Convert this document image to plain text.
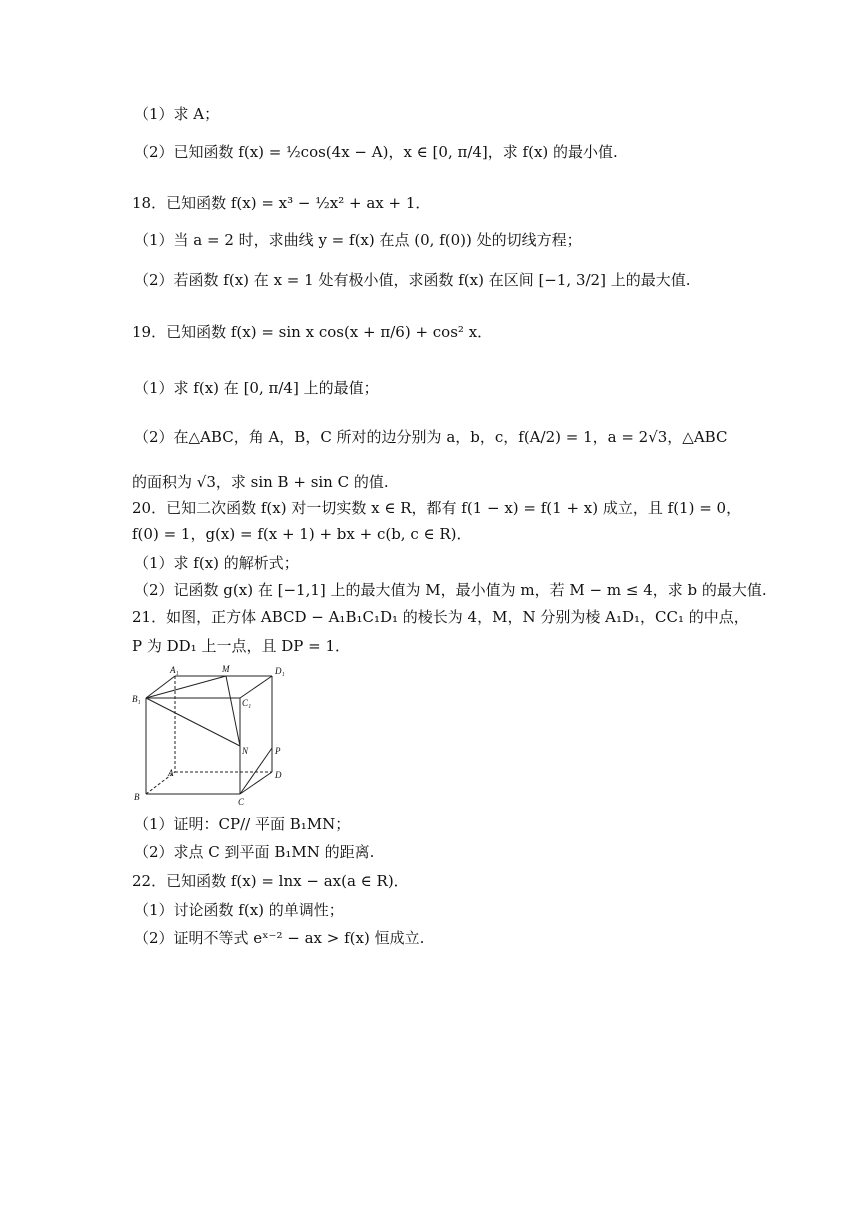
（1）求 A；
（2）已知函数 f(x) = ½cos(4x − A)，x ∈ [0, π/4]，求 f(x) 的最小值.
18．已知函数 f(x) = x³ − ½x² + ax + 1．
（1）当 a = 2 时，求曲线 y = f(x) 在点 (0, f(0)) 处的切线方程；
（2）若函数 f(x) 在 x = 1 处有极小值，求函数 f(x) 在区间 [−1, 3/2] 上的最大值.
19．已知函数 f(x) = sin x cos(x + π/6) + cos² x．
（1）求 f(x) 在 [0, π/4] 上的最值；
（2）在△ABC，角 A，B，C 所对的边分别为 a，b，c，f(A/2) = 1，a = 2√3，△ABC
的面积为 √3，求 sin B + sin C 的值.
20．已知二次函数 f(x) 对一切实数 x ∈ R，都有 f(1 − x) = f(1 + x) 成立，且 f(1) = 0，
f(0) = 1，g(x) = f(x + 1) + bx + c(b, c ∈ R)．
（1）求 f(x) 的解析式；
（2）记函数 g(x) 在 [−1,1] 上的最大值为 M，最小值为 m，若 M − m ≤ 4，求 b 的最大值.
21．如图，正方体 ABCD − A₁B₁C₁D₁ 的棱长为 4，M，N 分别为棱 A₁D₁，CC₁ 的中点，
P 为 DD₁ 上一点，且 DP = 1．
A₁	M	D₁
B₁	C₁
N	P
A	D
B	C
（1）证明：CP// 平面 B₁MN；
（2）求点 C 到平面 B₁MN 的距离.
22．已知函数 f(x) = lnx − ax(a ∈ R)．
（1）讨论函数 f(x) 的单调性；
（2）证明不等式 eˣ⁻² − ax > f(x) 恒成立.
